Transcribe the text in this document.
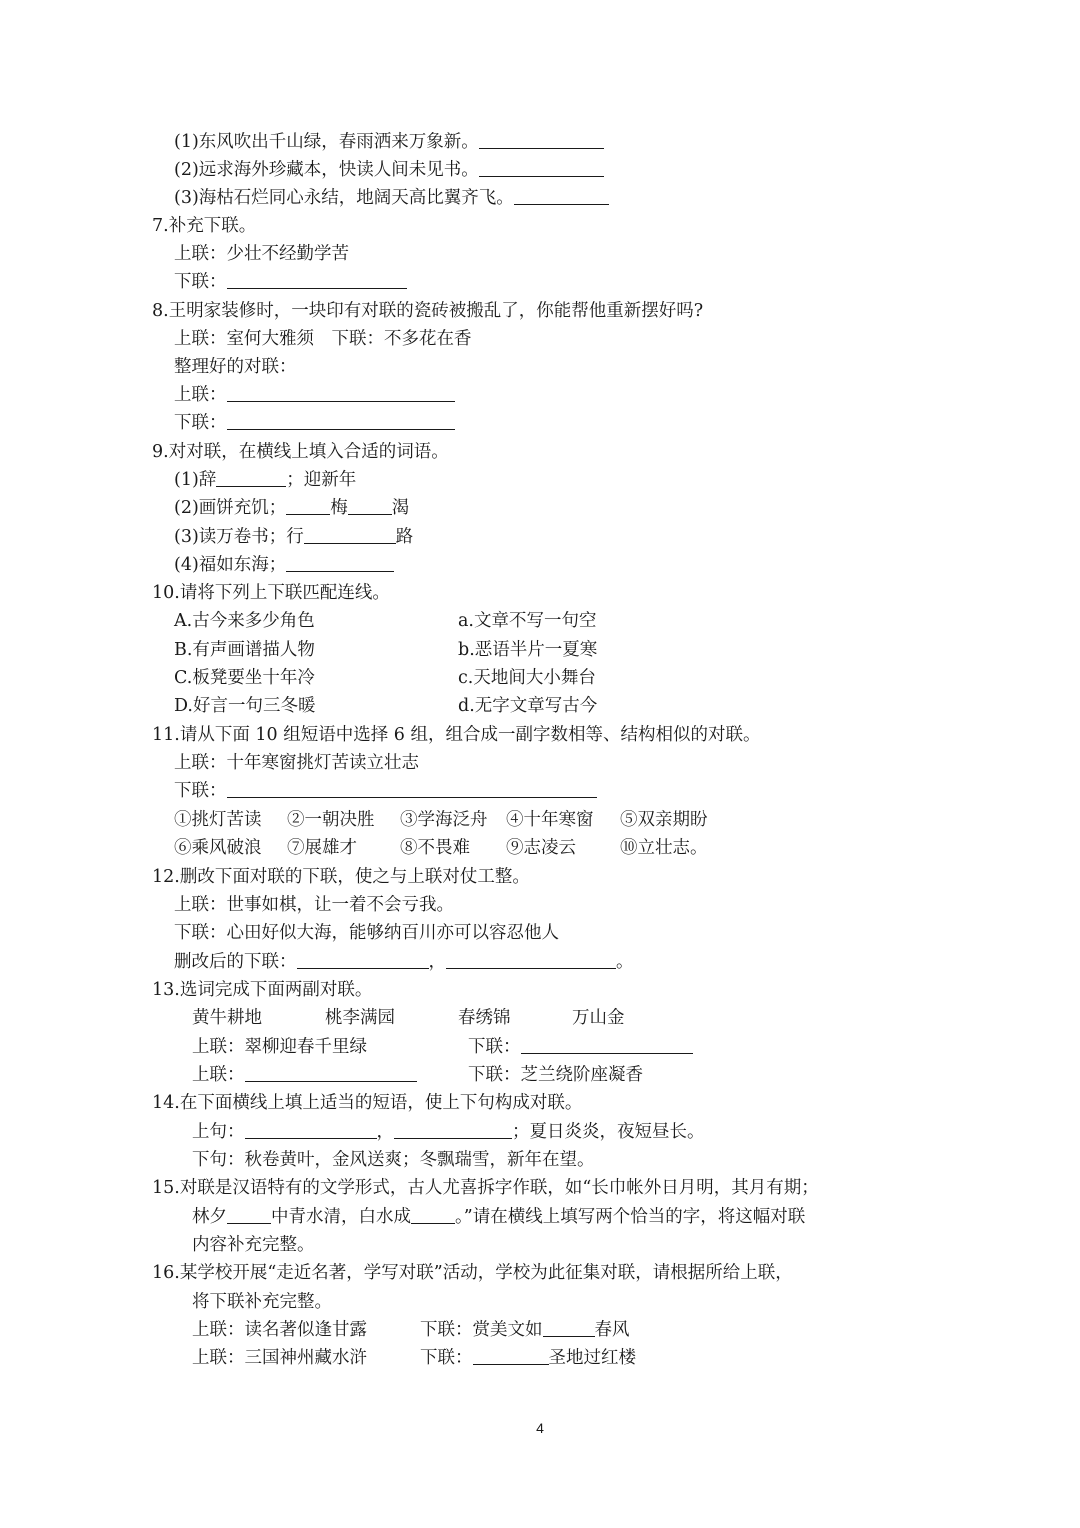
(1)东风吹出千山绿，春雨洒来万象新。
(2)远求海外珍藏本，快读人间未见书。
(3)海枯石烂同心永结，地阔天高比翼齐飞。
7.补充下联。
上联：少壮不经勤学苦
下联：
8.王明家装修时，一块印有对联的瓷砖被搬乱了，你能帮他重新摆好吗?
上联：室何大雅须　下联：不多花在香
整理好的对联：
上联：
下联：
9.对对联，在横线上填入合适的词语。
(1)辞	；迎新年
(2)画饼充饥；	梅	渴
(3)读万卷书；行	路
(4)福如东海；
10.请将下列上下联匹配连线。
A.古今来多少角色	a.文章不写一句空
B.有声画谱描人物	b.恶语半片一夏寒
C.板凳要坐十年冷	c.天地间大小舞台
D.好言一句三冬暖	d.无字文章写古今
11.请从下面 10 组短语中选择 6 组，组合成一副字数相等、结构相似的对联。
上联：十年寒窗挑灯苦读立壮志
下联：
①挑灯苦读 ②一朝决胜 ③学海泛舟 ④十年寒窗 ⑤双亲期盼
⑥乘风破浪 ⑦展雄才 ⑧不畏难 ⑨志凌云	⑩立壮志。
12.删改下面对联的下联，使之与上联对仗工整。
上联：世事如棋，让一着不会亏我。
下联：心田好似大海，能够纳百川亦可以容忍他人
删改后的下联：	，	。
13.选词完成下面两副对联。
黄牛耕地	桃李满园	春绣锦	万山金
上联：翠柳迎春千里绿	下联：
上联：	下联：芝兰绕阶座凝香
14.在下面横线上填上适当的短语，使上下句构成对联。
上句：	，	；夏日炎炎，夜短昼长。
下句：秋卷黄叶，金风送爽；冬飘瑞雪，新年在望。
15.对联是汉语特有的文学形式，古人尤喜拆字作联，如“长巾帐外日月明，其月有期；
林夕	中青水清，白水成	。”请在横线上填写两个恰当的字，将这幅对联
内容补充完整。
16.某学校开展“走近名著，学写对联”活动，学校为此征集对联，请根据所给上联，
将下联补充完整。
上联：读名著似逢甘露	下联：赏美文如	春风
上联：三国神州藏水浒	下联：	圣地过红楼
4
